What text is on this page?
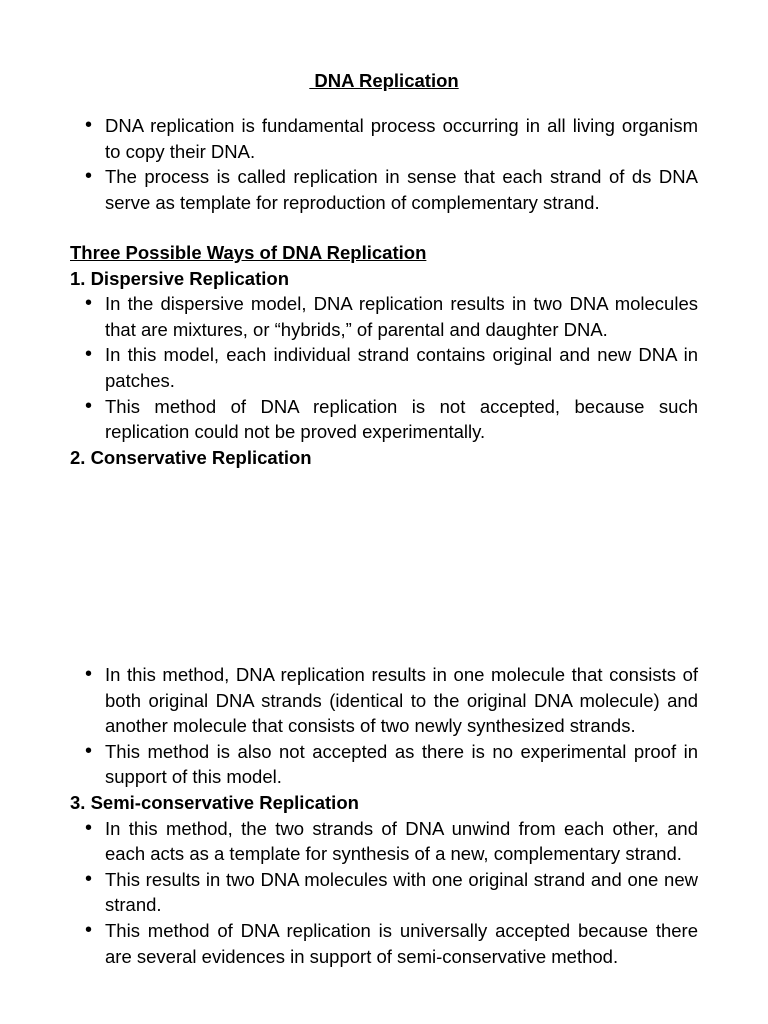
DNA Replication
• DNA replication is fundamental process occurring in all living organism to copy their DNA.
• The process is called replication in sense that each strand of ds DNA serve as template for reproduction of complementary strand.

Three Possible Ways of DNA Replication

1. Dispersive Replication

• In the dispersive model, DNA replication results in two DNA molecules that are mixtures, or “hybrids,” of parental and daughter DNA.
• In this model, each individual strand contains original and new DNA in patches.
• This method of DNA replication is not accepted, because such replication could not be proved experimentally.

2. Conservative Replication

• In this method, DNA replication results in one molecule that consists of both original DNA strands (identical to the original DNA molecule) and another molecule that consists of two newly synthesized strands.
• This method is also not accepted as there is no experimental proof in support of this model.

3. Semi-conservative Replication

• In this method, the two strands of DNA unwind from each other, and each acts as a template for synthesis of a new, complementary strand.
• This results in two DNA molecules with one original strand and one new strand.
• This method of DNA replication is universally accepted because there are several evidences in support of semi-conservative method.
